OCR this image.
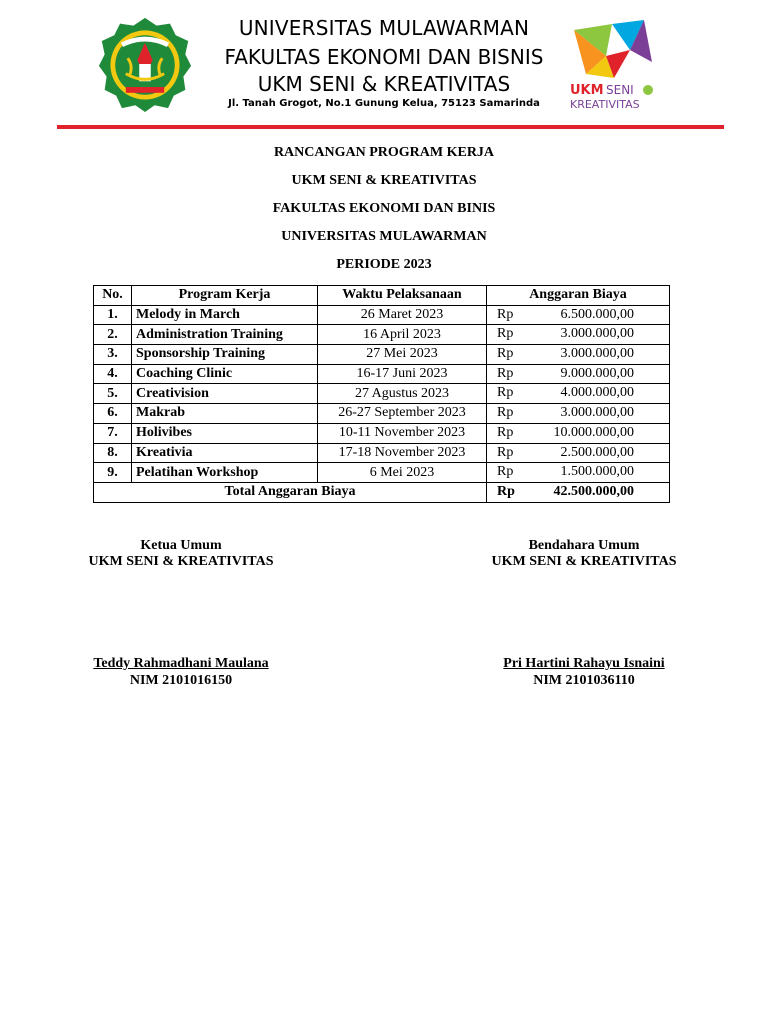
UNIVERSITAS MULAWARMAN
FAKULTAS EKONOMI DAN BISNIS
UKM SENI & KREATIVITAS
Jl. Tanah Grogot, No.1 Gunung Kelua, 75123 Samarinda
UKM SENI
KREATIVITAS
RANCANGAN PROGRAM KERJA
UKM SENI & KREATIVITAS
FAKULTAS EKONOMI DAN BINIS
UNIVERSITAS MULAWARMAN
PERIODE 2023
No.	Program Kerja	Waktu Pelaksanaan	Anggaran Biaya
1.	Melody in March	26 Maret 2023	Rp 6.500.000,00

2.	Administration Training	16 April 2023	Rp 3.000.000,00

3.	Sponsorship Training	27 Mei 2023	Rp 3.000.000,00

4.	Coaching Clinic	16-17 Juni 2023	Rp 9.000.000,00

5.	Creativision	27 Agustus 2023	Rp 4.000.000,00

6.	Makrab	26-27 September 2023	Rp 3.000.000,00

7.	Holivibes	10-11 November 2023	Rp 10.000.000,00

8.	Kreativia	17-18 November 2023	Rp 2.500.000,00

9.	Pelatihan Workshop	6 Mei 2023	Rp 1.500.000,00

Total Anggaran Biaya			Rp 42.500.000,00
Ketua Umum
UKM SENI & KREATIVITAS
Teddy Rahmadhani Maulana
NIM 2101016150
Bendahara Umum
UKM SENI & KREATIVITAS
Pri Hartini Rahayu Isnaini
NIM 2101036110
